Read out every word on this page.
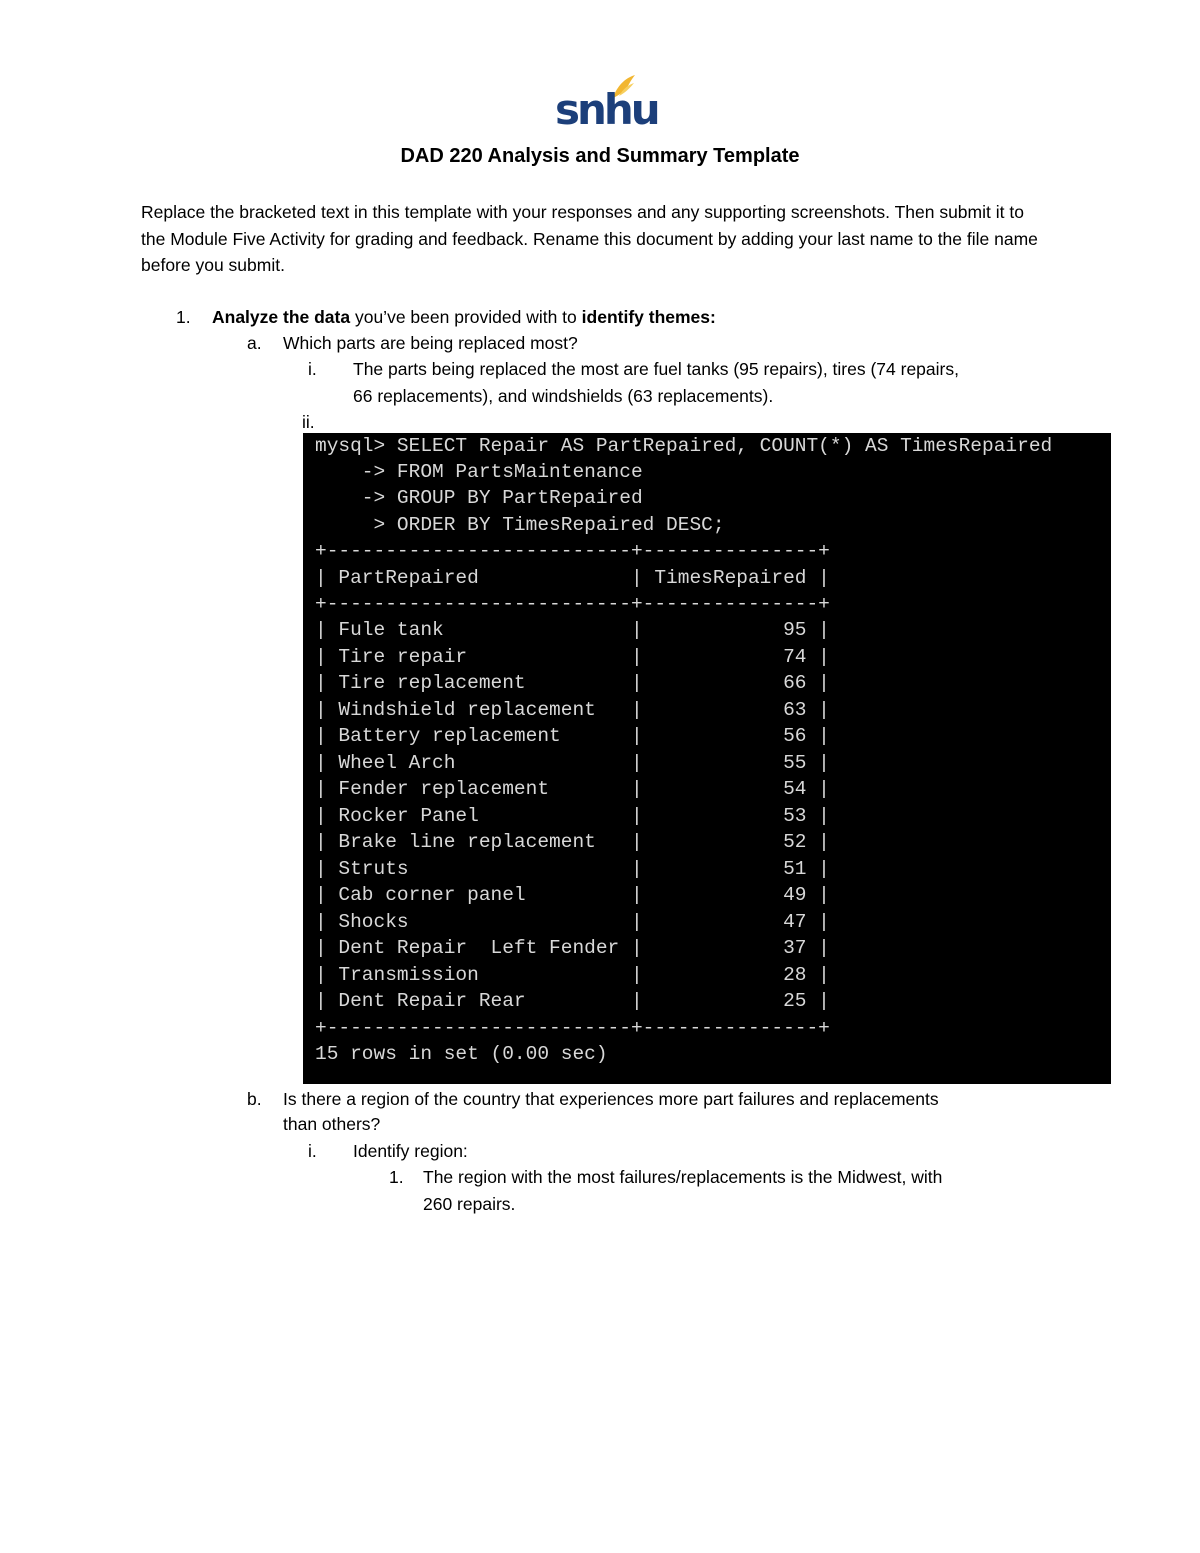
snhu
DAD 220 Analysis and Summary Template
Replace the bracketed text in this template with your responses and any supporting screenshots. Then submit it to the Module Five Activity for grading and feedback. Rename this document by adding your last name to the file name before you submit.
1. Analyze the data you’ve been provided with to identify themes:
a. Which parts are being replaced most?
i. The parts being replaced the most are fuel tanks (95 repairs), tires (74 repairs,
66 replacements), and windshields (63 replacements).
ii.
mysql> SELECT Repair AS PartRepaired, COUNT(*) AS TimesRepaired
-> FROM PartsMaintenance
-> GROUP BY PartRepaired
> ORDER BY TimesRepaired DESC;
+--------------------------+---------------+
| PartRepaired             | TimesRepaired |
+--------------------------+---------------+
| Fule tank                |            95 |
| Tire repair              |            74 |
| Tire replacement         |            66 |
| Windshield replacement   |            63 |
| Battery replacement      |            56 |
| Wheel Arch               |            55 |
| Fender replacement       |            54 |
| Rocker Panel             |            53 |
| Brake line replacement   |            52 |
| Struts                   |            51 |
| Cab corner panel         |            49 |
| Shocks                   |            47 |
| Dent Repair  Left Fender |            37 |
| Transmission             |            28 |
| Dent Repair Rear         |            25 |
+--------------------------+---------------+
15 rows in set (0.00 sec)
b. Is there a region of the country that experiences more part failures and replacements
than others?
i. Identify region:
1. The region with the most failures/replacements is the Midwest, with
260 repairs.
